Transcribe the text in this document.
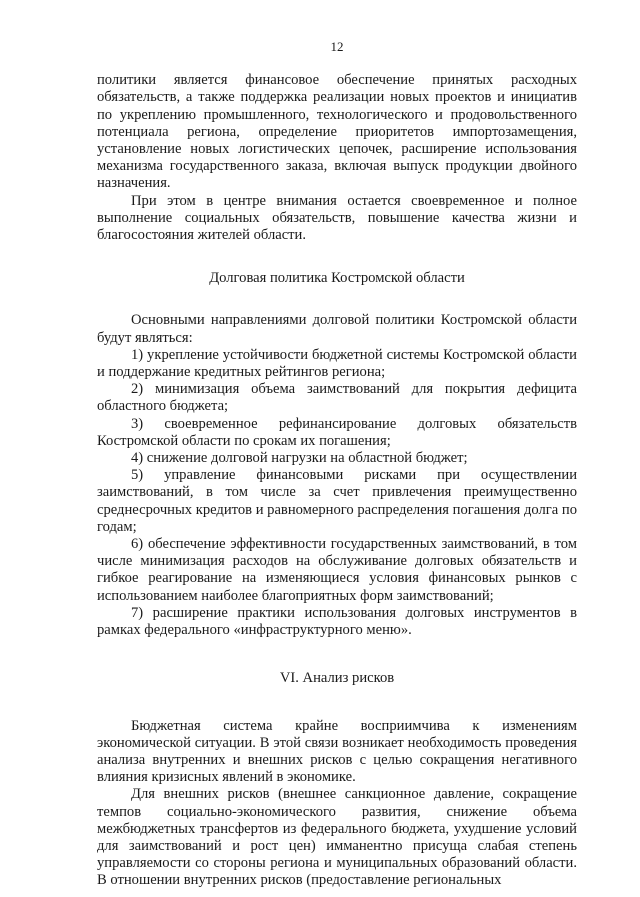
12

политики является финансовое обеспечение принятых расходных обязательств, а также поддержка реализации новых проектов и инициатив по укреплению промышленного, технологического и продовольственного потенциала региона, определение приоритетов импортозамещения, установление новых логистических цепочек, расширение использования механизма государственного заказа, включая выпуск продукции двойного назначения.

При этом в центре внимания остается своевременное и полное выполнение социальных обязательств, повышение качества жизни и благосостояния жителей области.

Долговая политика Костромской области

Основными направлениями долговой политики Костромской области будут являться:

1) укрепление устойчивости бюджетной системы Костромской области и поддержание кредитных рейтингов региона;

2) минимизация объема заимствований для покрытия дефицита областного бюджета;

3) своевременное рефинансирование долговых обязательств Костромской области по срокам их погашения;

4) снижение долговой нагрузки на областной бюджет;

5) управление финансовыми рисками при осуществлении заимствований, в том числе за счет привлечения преимущественно среднесрочных кредитов и равномерного распределения погашения долга по годам;

6) обеспечение эффективности государственных заимствований, в том числе минимизация расходов на обслуживание долговых обязательств и гибкое реагирование на изменяющиеся условия финансовых рынков с использованием наиболее благоприятных форм заимствований;

7) расширение практики использования долговых инструментов в рамках федерального «инфраструктурного меню».

VI. Анализ рисков

Бюджетная система крайне восприимчива к изменениям экономической ситуации. В этой связи возникает необходимость проведения анализа внутренних и внешних рисков с целью сокращения негативного влияния кризисных явлений в экономике.

Для внешних рисков (внешнее санкционное давление, сокращение темпов социально-экономического развития, снижение объема межбюджетных трансфертов из федерального бюджета, ухудшение условий для заимствований и рост цен) имманентно присуща слабая степень управляемости со стороны региона и муниципальных образований области. В отношении внутренних рисков (предоставление региональных
